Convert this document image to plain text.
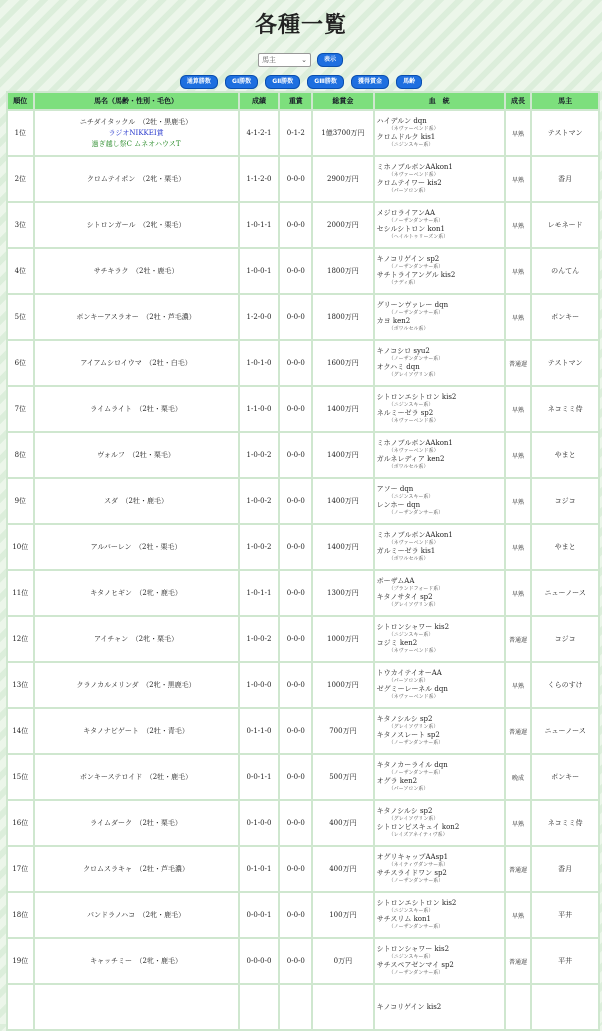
各種一覧
馬主	⌄	表示
通算勝数	GⅠ勝数	GⅡ勝数	GⅢ勝数	獲得賞金	馬齢
順位	馬名（馬齢・性別・毛色）	成績	重賞	総賞金	血　統	成長	馬主
1位	ニチダイタックル　（2牡・黒鹿毛）
ラジオNIKKEI賞
過ぎ越し祭C ムネオハウスT	4-1-2-1	0-1-2	1億3700万円	ハイデルン dqn
（ネヴァーベンド系）
クロムドルク kis1
（ニジンスキー系）	早熟	テストマン
2位	クロムテイポン　（2牝・栗毛）	1-1-2-0	0-0-0	2900万円	ミホノブルボンAAkon1
（ネヴァーベンド系）
クロムテイワー kis2
（パーソロン系）	早熟	香月
3位	シトロンガール　（2牝・栗毛）	1-0-1-1	0-0-0	2000万円	メジロライアンAA
（ノーザンダンサー系）
セシルシトロン kon1
（ヘイルトゥリーズン系）	早熟	レモネード
4位	サチキラク　（2牡・鹿毛）	1-0-0-1	0-0-0	1800万円	キノコリゲイン sp2
（ノーザンダンサー系）
サチトライアングル kis2
（ナディ系）	早熟	のんてん
5位	ボンキーアスラオー　（2牡・芦毛濃）	1-2-0-0	0-0-0	1800万円	グリーンヴァレー dqn
（ノーザンダンサー系）
カヨ ken2
（ボワルセル系）	早熟	ボンキー
6位	アイアムシロイウマ　（2牡・白毛）	1-0-1-0	0-0-0	1600万円	キノコシロ syu2
（ノーザンダンサー系）
オクハミ dqn
（グレイソヴリン系）	普通遅	テストマン
7位	ライムライト　（2牡・栗毛）	1-1-0-0	0-0-0	1400万円	シトロンエシトロン kis2
（ニジンスキー系）
ネルミーゼラ sp2
（ネヴァーベンド系）	早熟	ネコミミ侍
8位	ヴォルフ　（2牡・栗毛）	1-0-0-2	0-0-0	1400万円	ミホノブルボンAAkon1
（ネヴァーベンド系）
ガルネレディア ken2
（ボワルセル系）	早熟	やまと
9位	スダ　（2牡・鹿毛）	1-0-0-2	0-0-0	1400万円	アソー dqn
（ニジンスキー系）
レンホー dqn
（ノーザンダンサー系）	早熟	コジコ
10位	アルバーレン　（2牡・栗毛）	1-0-0-2	0-0-0	1400万円	ミホノブルボンAAkon1
（ネヴァーベンド系）
ガルミーゼラ kis1
（ボワルセル系）	早熟	やまと
11位	キタノヒギン　（2牝・鹿毛）	1-0-1-1	0-0-0	1300万円	ボーザムAA
（ブランドフォード系）
キタノサタイ sp2
（グレイソヴリン系）	早熟	ニューノース
12位	アイチャン　（2牝・栗毛）	1-0-0-2	0-0-0	1000万円	シトロンシャワー kis2
（ニジンスキー系）
コジミ ken2
（ネヴァーベンド系）	普通遅	コジコ
13位	クラノカルメリンダ　（2牝・黒鹿毛）	1-0-0-0	0-0-0	1000万円	トウカイテイオーAA
（パーソロン系）
ゼグミーレーネル dqn
（ネヴァーベンド系）	早熟	くらのすけ
14位	キタノナビゲート　（2牡・青毛）	0-1-1-0	0-0-0	700万円	キタノシルシ sp2
（グレイソヴリン系）
キタノスレート sp2
（ノーザンダンサー系）	普通遅	ニューノース
15位	ボンキーステロイド　（2牡・鹿毛）	0-0-1-1	0-0-0	500万円	キタノカーライル dqn
（ノーザンダンサー系）
オグラ ken2
（パーソロン系）	晩成	ボンキー
16位	ライムダーク　（2牡・栗毛）	0-1-0-0	0-0-0	400万円	キタノシルシ sp2
（グレイソヴリン系）
シトロンビスキュイ kon2
（レイズアネイティヴ系）	早熟	ネコミミ侍
17位	クロムスラキャ　（2牡・芦毛濃）	0-1-0-1	0-0-0	400万円	オグリキャップAAsp1
（ネイティヴダンサー系）
サチスライドワン sp2
（ノーザンダンサー系）	普通遅	香月
18位	パンドラノハコ　（2牝・鹿毛）	0-0-0-1	0-0-0	100万円	シトロンエシトロン kis2
（ニジンスキー系）
サチスリム kon1
（ノーザンダンサー系）	早熟	平井
19位	キャッチミー　（2牝・鹿毛）	0-0-0-0	0-0-0	0万円	シトロンシャワー kis2
（ニジンスキー系）
サチスペアゼンマイ sp2
（ノーザンダンサー系）	普通遅	平井

					キノコリゲイン kis2		
